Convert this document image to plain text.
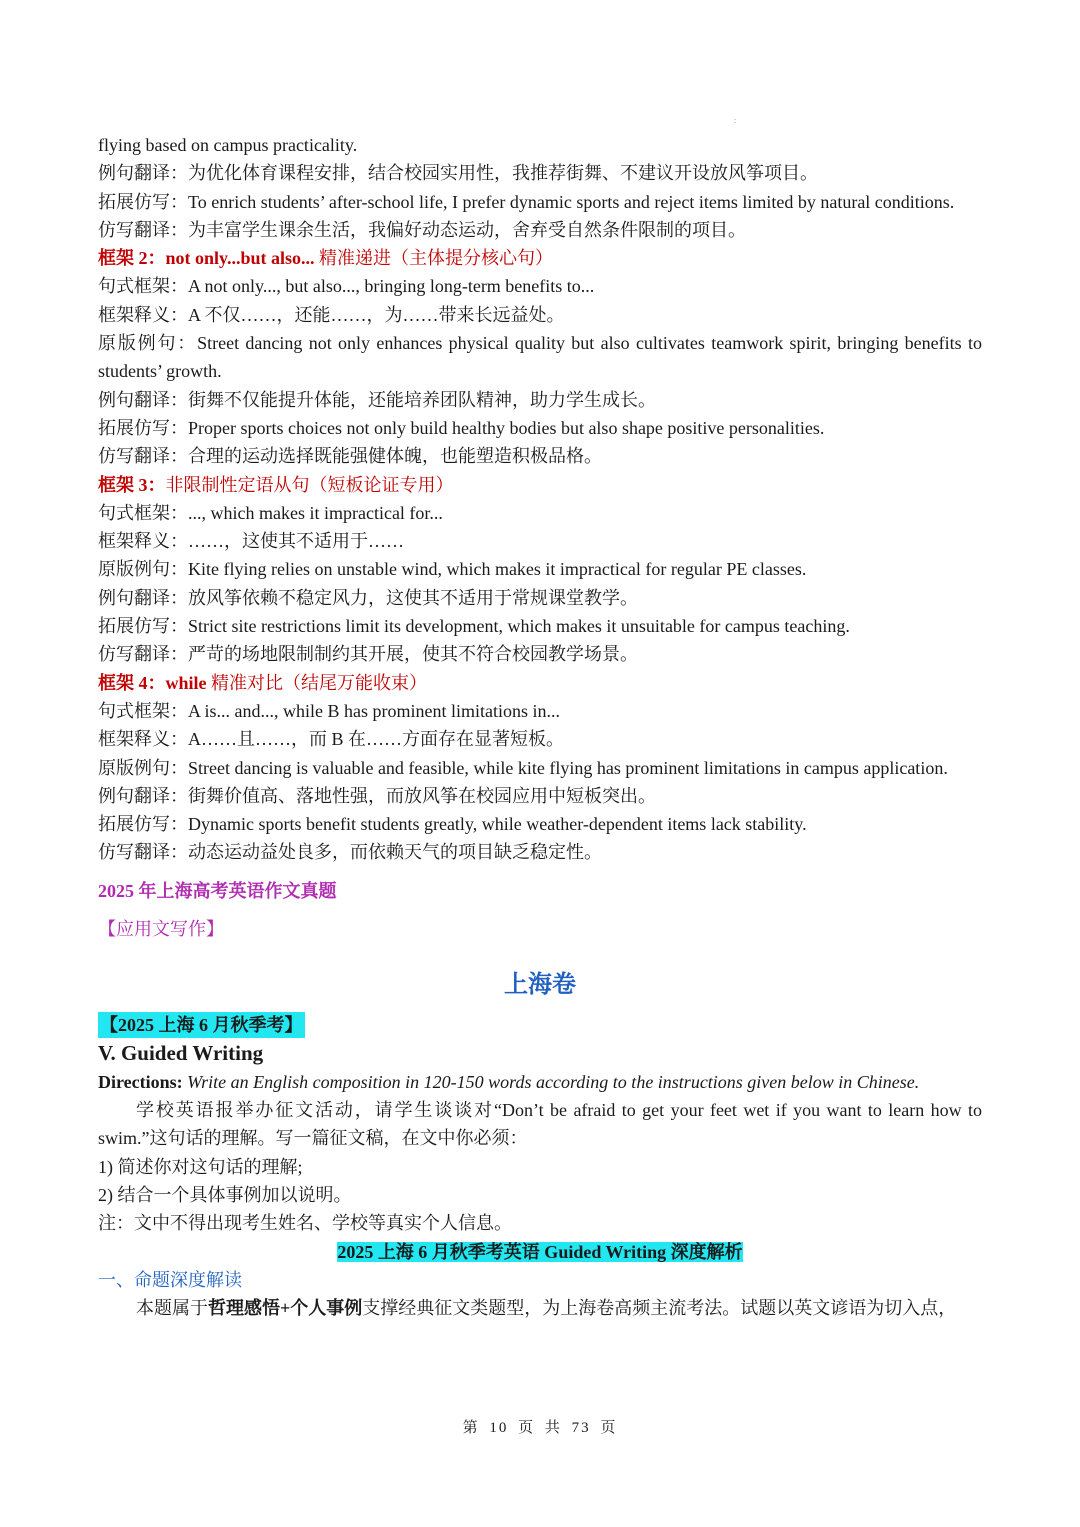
:

flying based on campus practicality.

例句翻译：为优化体育课程安排，结合校园实用性，我推荐街舞、不建议开设放风筝项目。

拓展仿写：To enrich students’ after-school life, I prefer dynamic sports and reject items limited by natural conditions.

仿写翻译：为丰富学生课余生活，我偏好动态运动，舍弃受自然条件限制的项目。

框架 2：not only...but also... 精准递进（主体提分核心句）

句式框架：A not only..., but also..., bringing long-term benefits to...

框架释义：A 不仅……，还能……，为……带来长远益处。

原版例句：Street dancing not only enhances physical quality but also cultivates teamwork spirit, bringing benefits to students’ growth.

例句翻译：街舞不仅能提升体能，还能培养团队精神，助力学生成长。

拓展仿写：Proper sports choices not only build healthy bodies but also shape positive personalities.

仿写翻译：合理的运动选择既能强健体魄，也能塑造积极品格。

框架 3：非限制性定语从句（短板论证专用）

句式框架：..., which makes it impractical for...

框架释义：……，这使其不适用于……

原版例句：Kite flying relies on unstable wind, which makes it impractical for regular PE classes.

例句翻译：放风筝依赖不稳定风力，这使其不适用于常规课堂教学。

拓展仿写：Strict site restrictions limit its development, which makes it unsuitable for campus teaching.

仿写翻译：严苛的场地限制制约其开展，使其不符合校园教学场景。

框架 4：while 精准对比（结尾万能收束）

句式框架：A is... and..., while B has prominent limitations in...

框架释义：A……且……，而 B 在……方面存在显著短板。

原版例句：Street dancing is valuable and feasible, while kite flying has prominent limitations in campus application.

例句翻译：街舞价值高、落地性强，而放风筝在校园应用中短板突出。

拓展仿写：Dynamic sports benefit students greatly, while weather-dependent items lack stability.

仿写翻译：动态运动益处良多，而依赖天气的项目缺乏稳定性。

2025 年上海高考英语作文真题

【应用文写作】

上海卷

【2025 上海 6 月秋季考】

V. Guided Writing

Directions: Write an English composition in 120-150 words according to the instructions given below in Chinese.

学校英语报举办征文活动，请学生谈谈对“Don’t be afraid to get your feet wet if you want to learn how to swim.”这句话的理解。写一篇征文稿，在文中你必须：

1) 简述你对这句话的理解;

2) 结合一个具体事例加以说明。

注：文中不得出现考生姓名、学校等真实个人信息。

2025 上海 6 月秋季考英语 Guided Writing 深度解析

一、命题深度解读

本题属于哲理感悟+个人事例支撑经典征文类题型，为上海卷高频主流考法。试题以英文谚语为切入点，

第 10 页 共 73 页
